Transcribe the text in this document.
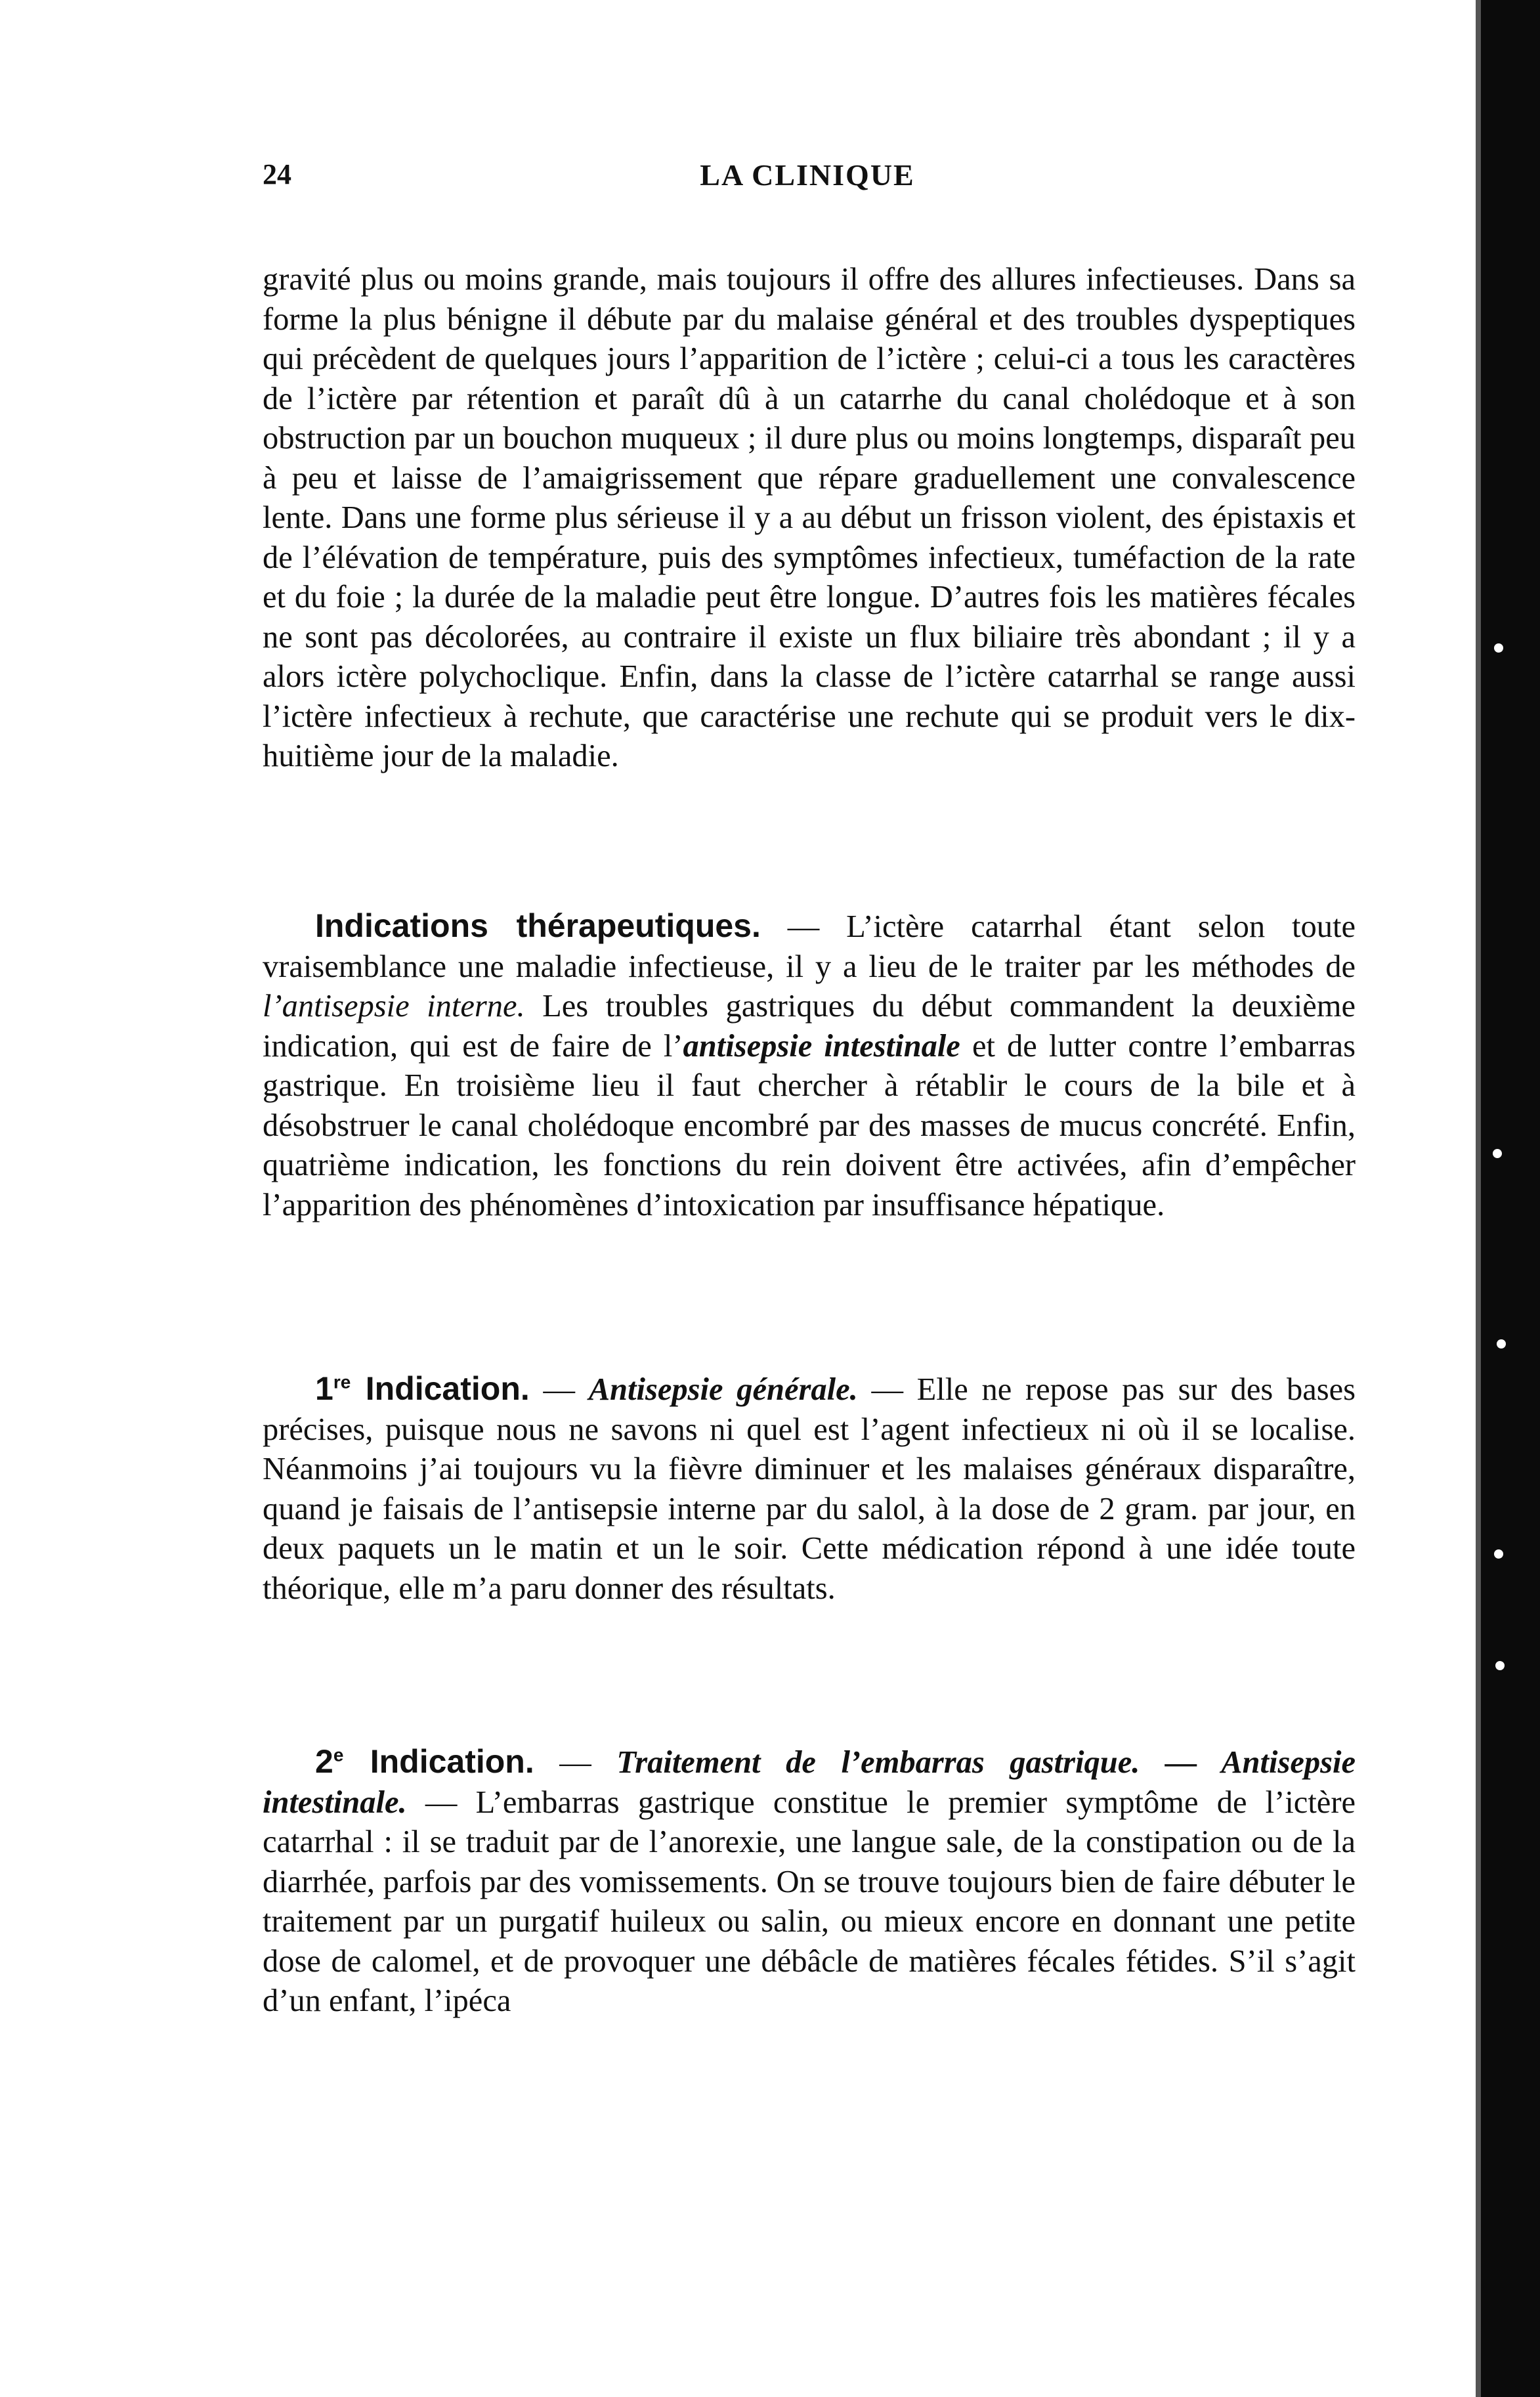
24	LA CLINIQUE

gravité plus ou moins grande, mais toujours il offre des allures infectieuses. Dans sa forme la plus bénigne il débute par du malaise général et des troubles dyspeptiques qui précèdent de quelques jours l’apparition de l’ictère ; celui-ci a tous les caractères de l’ictère par rétention et paraît dû à un catarrhe du canal cholédoque et à son obstruction par un bouchon muqueux ; il dure plus ou moins longtemps, disparaît peu à peu et laisse de l’amaigrissement que répare graduellement une convalescence lente. Dans une forme plus sérieuse il y a au début un frisson violent, des épistaxis et de l’élévation de température, puis des symptômes infectieux, tuméfaction de la rate et du foie ; la durée de la maladie peut être longue. D’autres fois les matières fécales ne sont pas décolorées, au contraire il existe un flux biliaire très abondant ; il y a alors ictère polychoclique. Enfin, dans la classe de l’ictère catarrhal se range aussi l’ictère infectieux à rechute, que caractérise une rechute qui se produit vers le dix-huitième jour de la maladie.

Indications thérapeutiques. — L’ictère catarrhal étant selon toute vraisemblance une maladie infectieuse, il y a lieu de le traiter par les méthodes de l’antisepsie interne. Les troubles gastriques du début commandent la deuxième indication, qui est de faire de l’antisepsie intestinale et de lutter contre l’embarras gastrique. En troisième lieu il faut chercher à rétablir le cours de la bile et à désobstruer le canal cholédoque encombré par des masses de mucus concrété. Enfin, quatrième indication, les fonctions du rein doivent être activées, afin d’empêcher l’apparition des phénomènes d’intoxication par insuffisance hépatique.

1re Indication. — Antisepsie générale. — Elle ne repose pas sur des bases précises, puisque nous ne savons ni quel est l’agent infectieux ni où il se localise. Néanmoins j’ai toujours vu la fièvre diminuer et les malaises généraux disparaître, quand je faisais de l’antisepsie interne par du salol, à la dose de 2 gram. par jour, en deux paquets un le matin et un le soir. Cette médication répond à une idée toute théorique, elle m’a paru donner des résultats.

2e Indication. — Traitement de l’embarras gastrique. — Antisepsie intestinale. — L’embarras gastrique constitue le premier symptôme de l’ictère catarrhal : il se traduit par de l’anorexie, une langue sale, de la constipation ou de la diarrhée, parfois par des vomissements. On se trouve toujours bien de faire débuter le traitement par un purgatif huileux ou salin, ou mieux encore en donnant une petite dose de calomel, et de provoquer une débâcle de matières fécales fétides. S’il s’agit d’un enfant, l’ipéca
